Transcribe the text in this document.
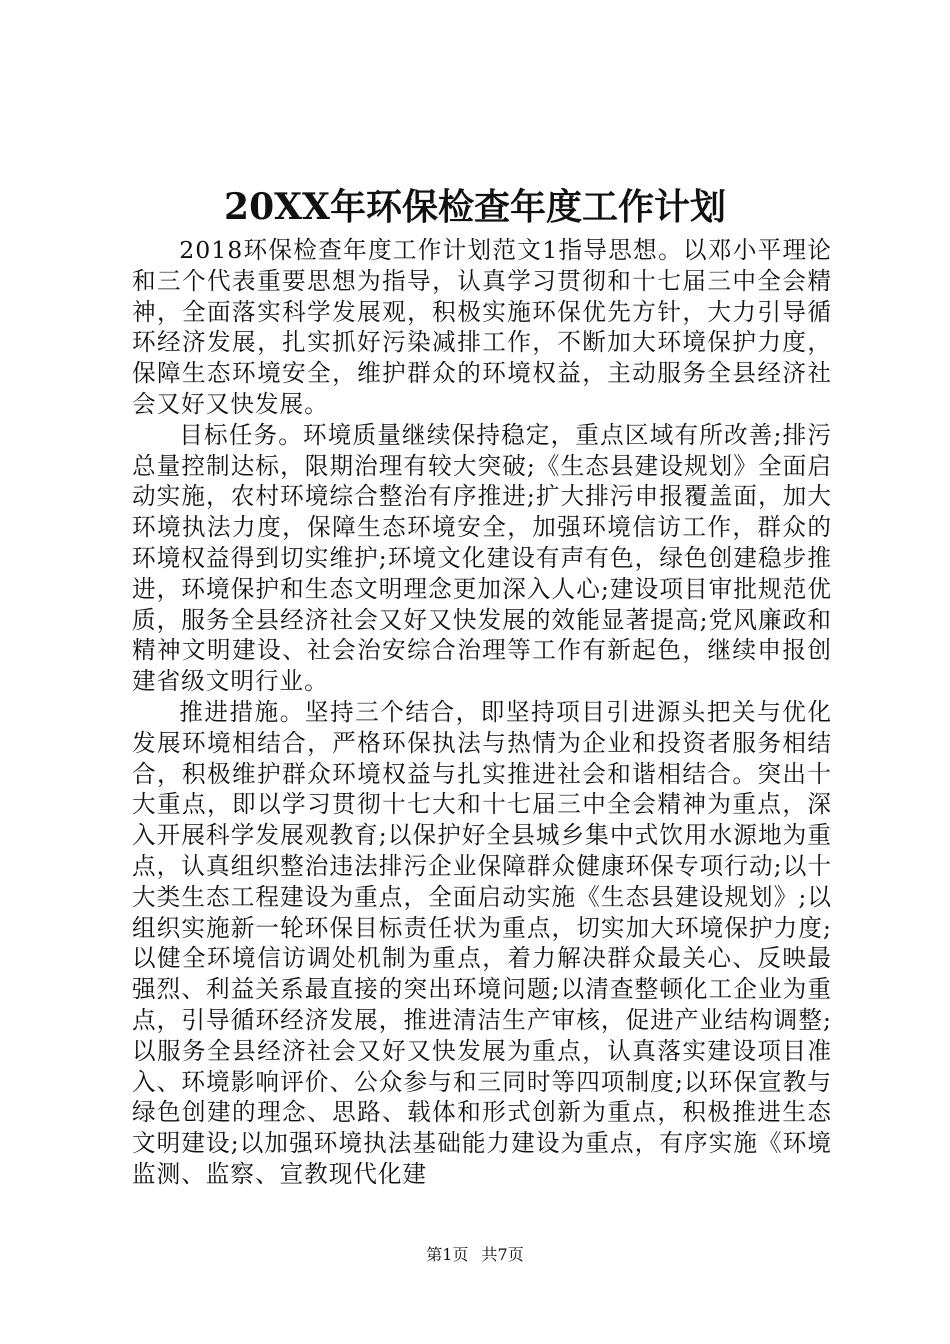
20XX年环保检查年度工作计划

2018环保检查年度工作计划范文1指导思想。以邓小平理论和三个代表重要思想为指导，认真学习贯彻和十七届三中全会精神，全面落实科学发展观，积极实施环保优先方针，大力引导循环经济发展，扎实抓好污染减排工作，不断加大环境保护力度，保障生态环境安全，维护群众的环境权益，主动服务全县经济社会又好又快发展。

目标任务。环境质量继续保持稳定，重点区域有所改善;排污总量控制达标，限期治理有较大突破;《生态县建设规划》全面启动实施，农村环境综合整治有序推进;扩大排污申报覆盖面，加大环境执法力度，保障生态环境安全，加强环境信访工作，群众的环境权益得到切实维护;环境文化建设有声有色，绿色创建稳步推进，环境保护和生态文明理念更加深入人心;建设项目审批规范优质，服务全县经济社会又好又快发展的效能显著提高;党风廉政和精神文明建设、社会治安综合治理等工作有新起色，继续申报创建省级文明行业。

推进措施。坚持三个结合，即坚持项目引进源头把关与优化发展环境相结合，严格环保执法与热情为企业和投资者服务相结合，积极维护群众环境权益与扎实推进社会和谐相结合。突出十大重点，即以学习贯彻十七大和十七届三中全会精神为重点，深入开展科学发展观教育;以保护好全县城乡集中式饮用水源地为重点，认真组织整治违法排污企业保障群众健康环保专项行动;以十大类生态工程建设为重点，全面启动实施《生态县建设规划》;以组织实施新一轮环保目标责任状为重点，切实加大环境保护力度;以健全环境信访调处机制为重点，着力解决群众最关心、反映最强烈、利益关系最直接的突出环境问题;以清查整顿化工企业为重点，引导循环经济发展，推进清洁生产审核，促进产业结构调整;以服务全县经济社会又好又快发展为重点，认真落实建设项目准入、环境影响评价、公众参与和三同时等四项制度;以环保宣教与绿色创建的理念、思路、载体和形式创新为重点，积极推进生态文明建设;以加强环境执法基础能力建设为重点，有序实施《环境监测、监察、宣教现代化建

第1页 共7页
